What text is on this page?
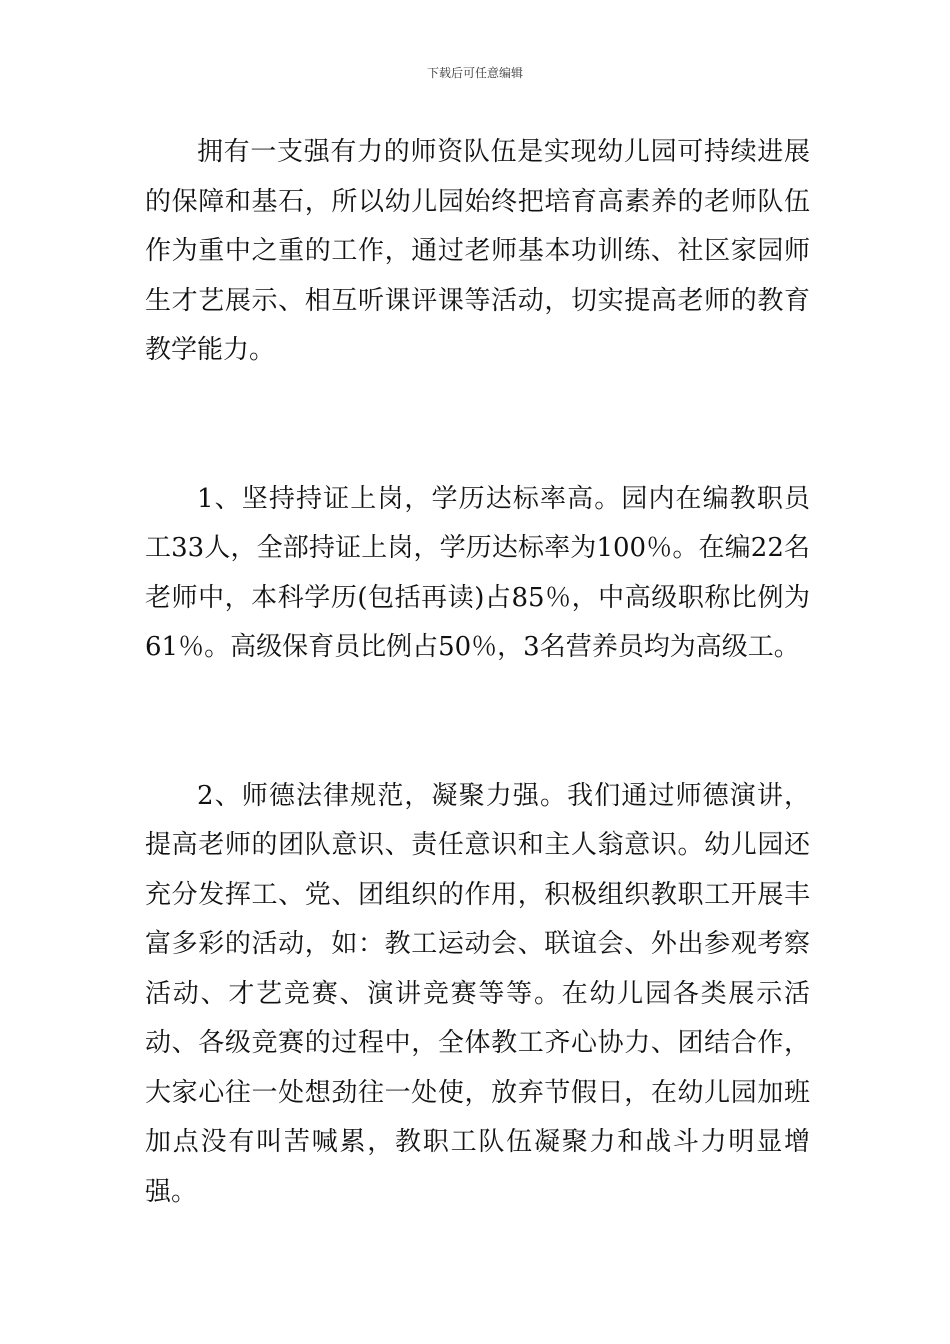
下载后可任意编辑

拥有一支强有力的师资队伍是实现幼儿园可持续进展的保障和基石，所以幼儿园始终把培育高素养的老师队伍作为重中之重的工作，通过老师基本功训练、社区家园师生才艺展示、相互听课评课等活动，切实提高老师的教育教学能力。

1、坚持持证上岗，学历达标率高。园内在编教职员工33人，全部持证上岗，学历达标率为100％。在编22名老师中，本科学历(包括再读)占85％，中高级职称比例为61％。高级保育员比例占50％，3名营养员均为高级工。

2、师德法律规范，凝聚力强。我们通过师德演讲，提高老师的团队意识、责任意识和主人翁意识。幼儿园还充分发挥工、党、团组织的作用，积极组织教职工开展丰富多彩的活动，如：教工运动会、联谊会、外出参观考察活动、才艺竞赛、演讲竞赛等等。在幼儿园各类展示活动、各级竞赛的过程中，全体教工齐心协力、团结合作，大家心往一处想劲往一处使，放弃节假日，在幼儿园加班加点没有叫苦喊累，教职工队伍凝聚力和战斗力明显增强。
